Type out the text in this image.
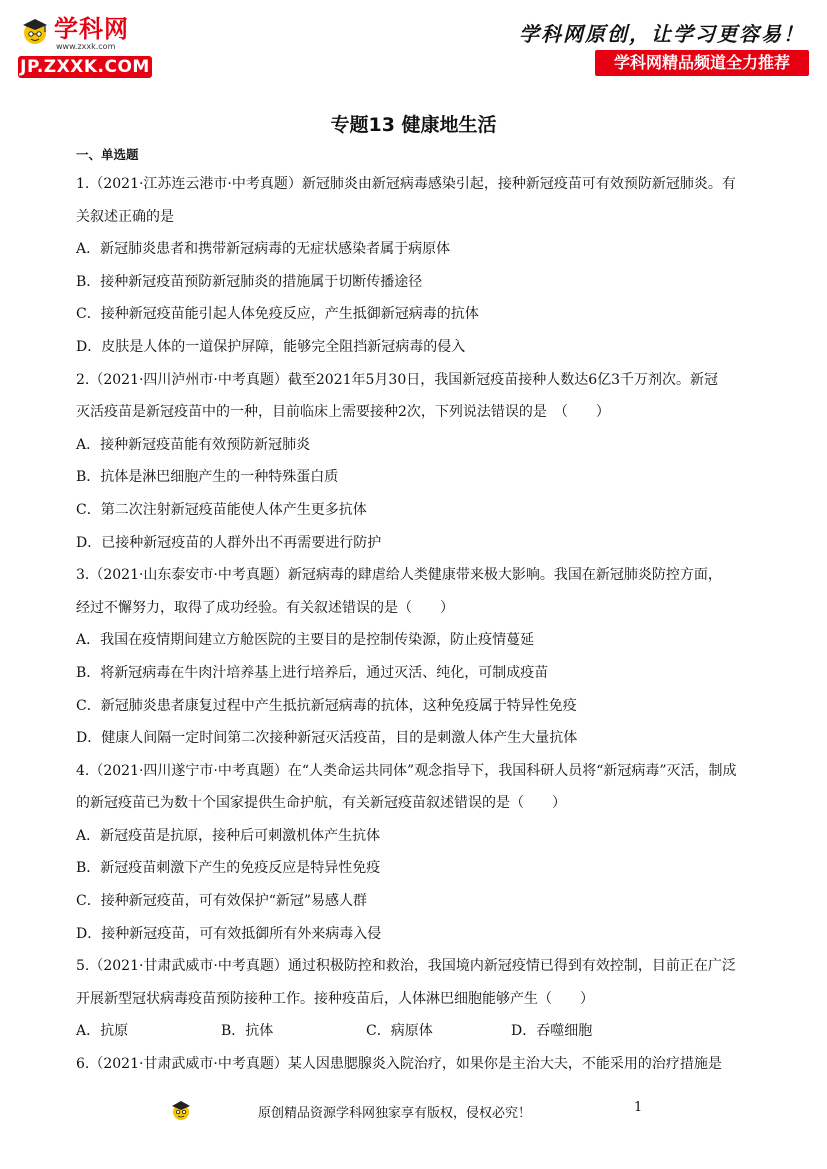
学科网
www.zxxk.com
JP.ZXXK.COM
学科网原创，让学习更容易！
学科网精品频道全力推荐
专题13 健康地生活
一、单选题
1.（2021·江苏连云港市·中考真题）新冠肺炎由新冠病毒感染引起，接种新冠疫苗可有效预防新冠肺炎。有
关叙述正确的是
A．新冠肺炎患者和携带新冠病毒的无症状感染者属于病原体
B．接种新冠疫苗预防新冠肺炎的措施属于切断传播途径
C．接种新冠疫苗能引起人体免疫反应，产生抵御新冠病毒的抗体
D．皮肤是人体的一道保护屏障，能够完全阻挡新冠病毒的侵入
2.（2021·四川泸州市·中考真题）截至2021年5月30日，我国新冠疫苗接种人数达6亿3千万剂次。新冠
灭活疫苗是新冠疫苗中的一种，目前临床上需要接种2次，下列说法错误的是　（　　）
A．接种新冠疫苗能有效预防新冠肺炎
B．抗体是淋巴细胞产生的一种特殊蛋白质
C．第二次注射新冠疫苗能使人体产生更多抗体
D．已接种新冠疫苗的人群外出不再需要进行防护
3.（2021·山东泰安市·中考真题）新冠病毒的肆虐给人类健康带来极大影响。我国在新冠肺炎防控方面，
经过不懈努力，取得了成功经验。有关叙述错误的是（　　）
A．我国在疫情期间建立方舱医院的主要目的是控制传染源，防止疫情蔓延
B．将新冠病毒在牛肉汁培养基上进行培养后，通过灭活、纯化，可制成疫苗
C．新冠肺炎患者康复过程中产生抵抗新冠病毒的抗体，这种免疫属于特异性免疫
D．健康人间隔一定时间第二次接种新冠灭活疫苗，目的是刺激人体产生大量抗体
4.（2021·四川遂宁市·中考真题）在“人类命运共同体”观念指导下，我国科研人员将“新冠病毒”灭活，制成
的新冠疫苗已为数十个国家提供生命护航，有关新冠疫苗叙述错误的是（　　）
A．新冠疫苗是抗原，接种后可刺激机体产生抗体
B．新冠疫苗刺激下产生的免疫反应是特异性免疫
C．接种新冠疫苗，可有效保护“新冠”易感人群
D．接种新冠疫苗，可有效抵御所有外来病毒入侵
5.（2021·甘肃武威市·中考真题）通过积极防控和救治，我国境内新冠疫情已得到有效控制，目前正在广泛
开展新型冠状病毒疫苗预防接种工作。接种疫苗后，人体淋巴细胞能够产生（　　）
A．抗原	B．抗体	C．病原体	D．吞噬细胞
6.（2021·甘肃武威市·中考真题）某人因患腮腺炎入院治疗，如果你是主治大夫，不能采用的治疗措施是
原创精品资源学科网独家享有版权，侵权必究！	1
